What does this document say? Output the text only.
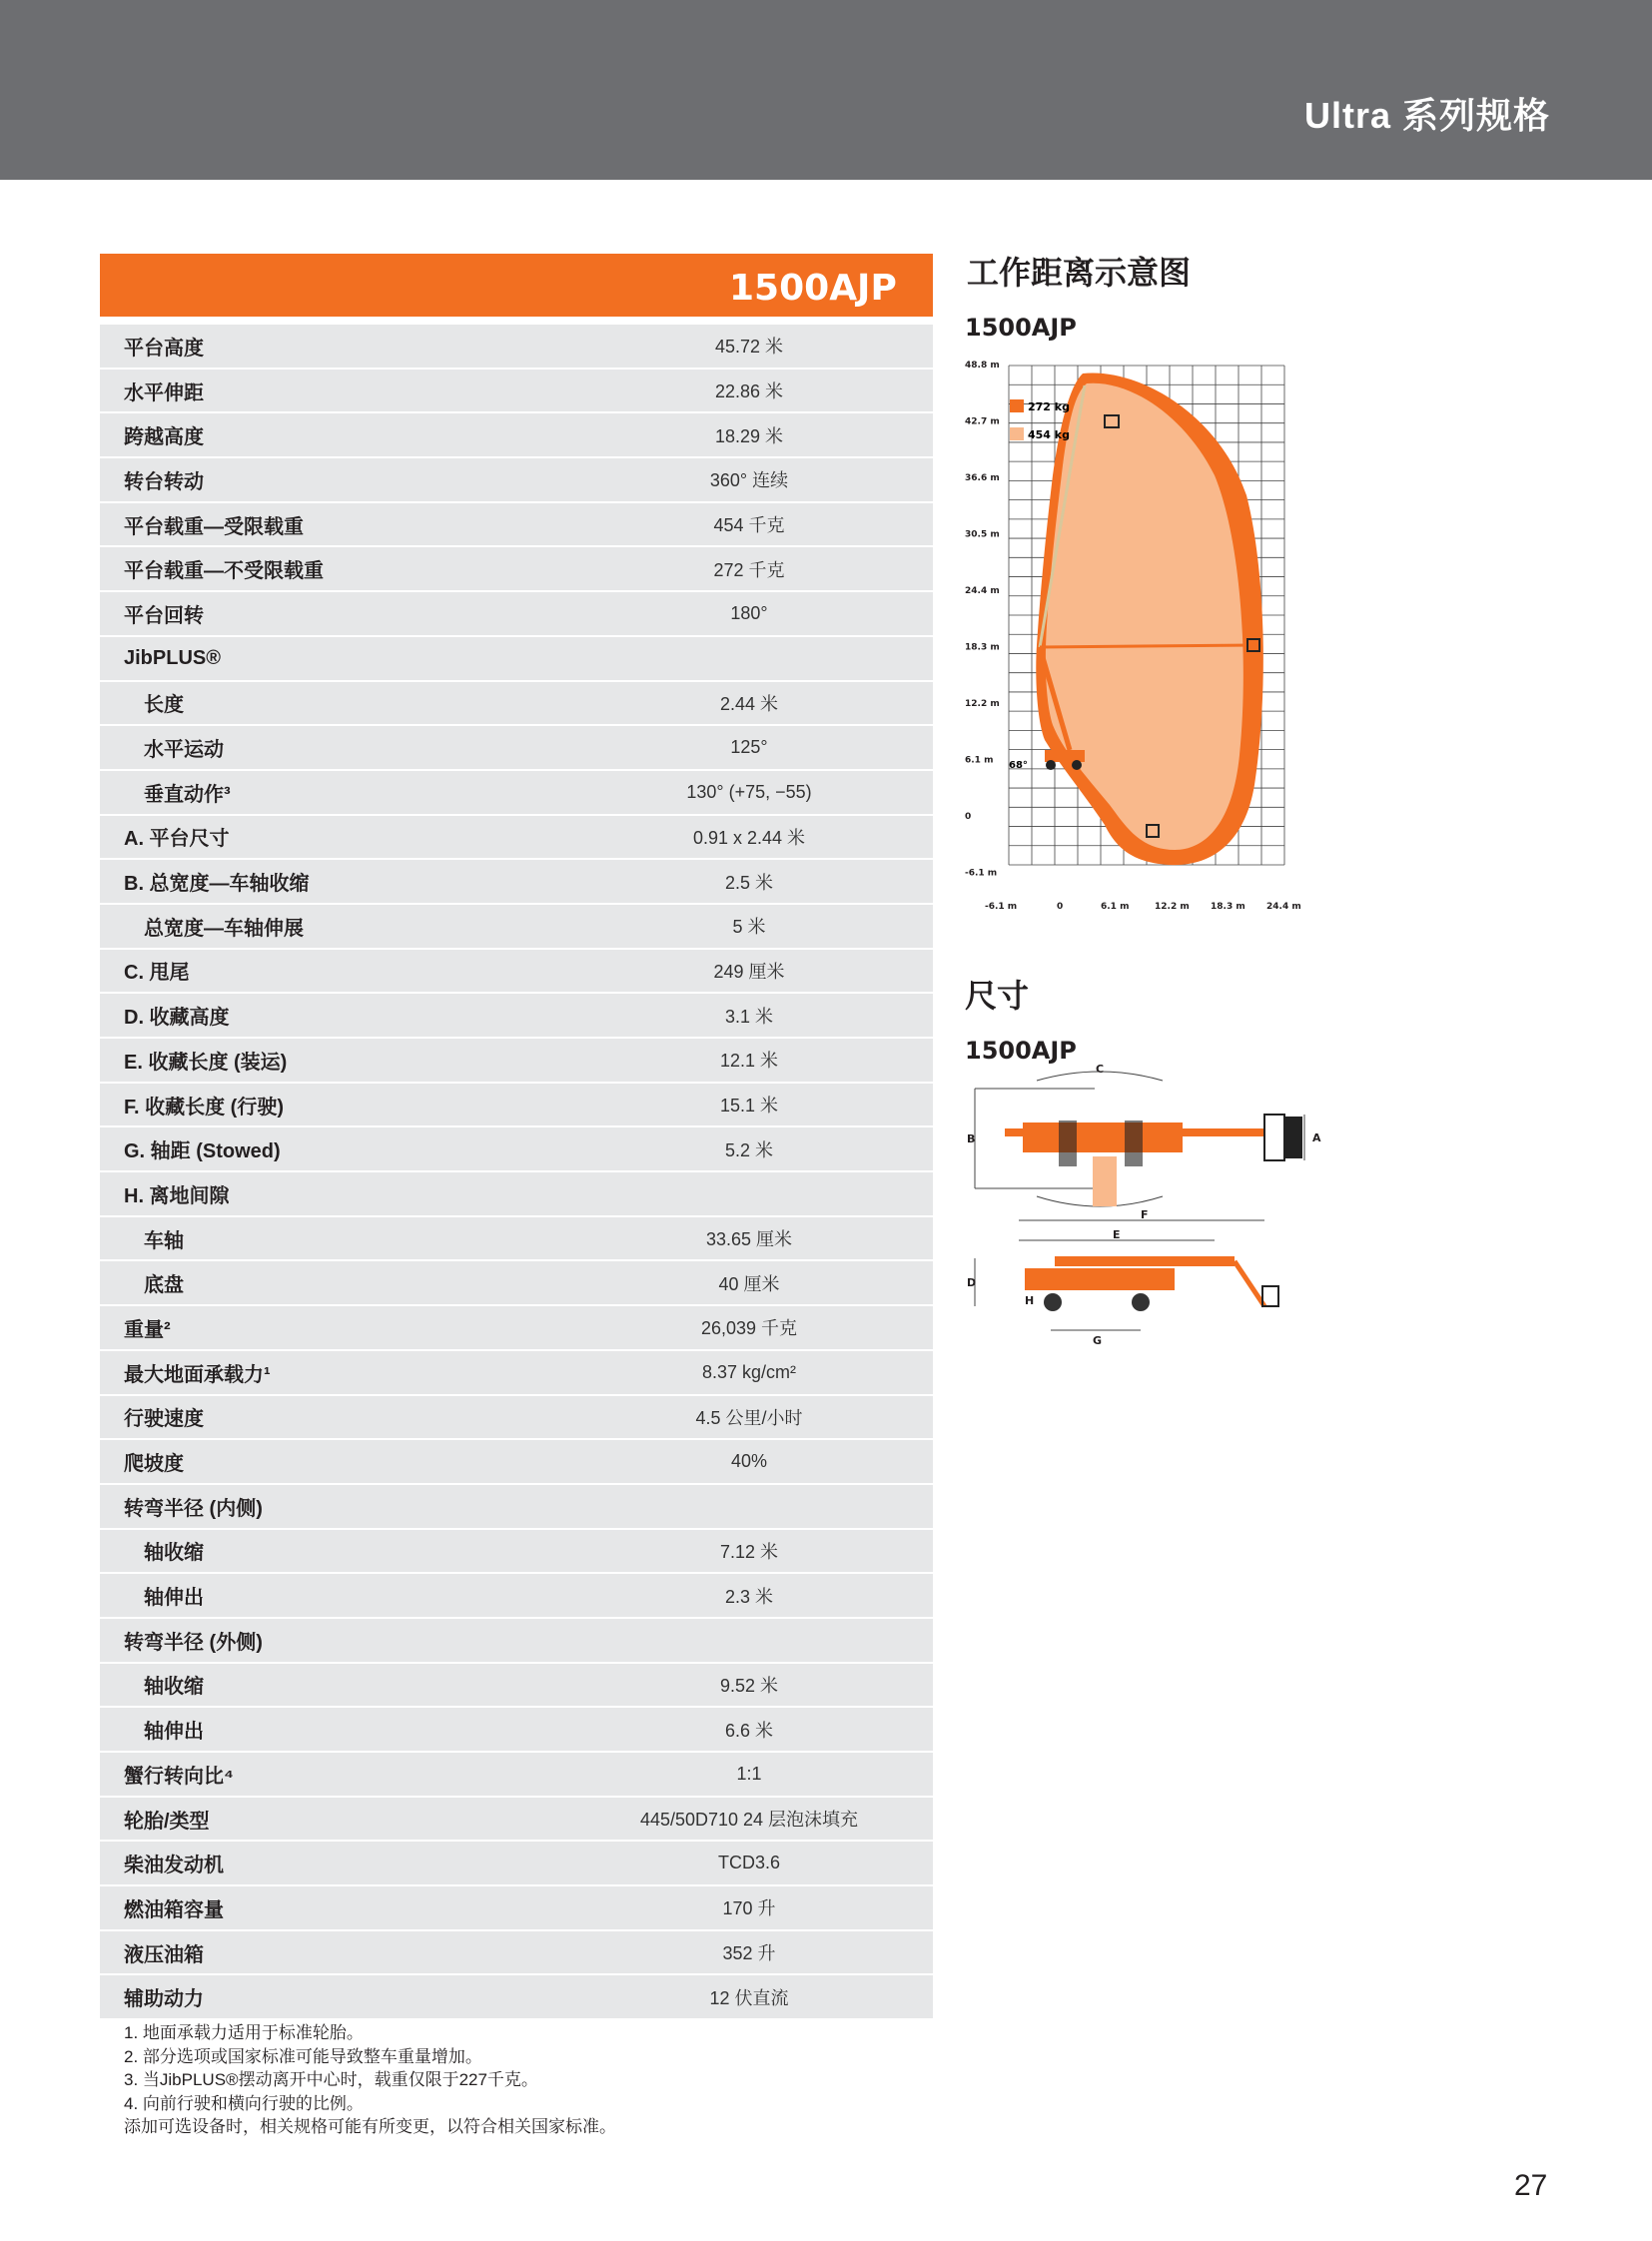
Ultra 系列规格
1500AJP
平台高度	45.72 米
水平伸距	22.86 米
跨越高度	18.29 米
转台转动	360° 连续
平台载重—受限载重	454 千克
平台载重—不受限载重	272 千克
平台回转	180°
JibPLUS®
长度	2.44 米
水平运动	125°
垂直动作³	130° (+75, −55)
A. 平台尺寸	0.91 x 2.44 米
B. 总宽度—车轴收缩	2.5 米
总宽度—车轴伸展	5 米
C. 甩尾	249 厘米
D. 收藏高度	3.1 米
E. 收藏长度 (装运)	12.1 米
F. 收藏长度 (行驶)	15.1 米
G. 轴距 (Stowed)	5.2 米
H. 离地间隙
车轴	33.65 厘米
底盘	40 厘米
重量²	26,039 千克
最大地面承载力¹	8.37 kg/cm²
行驶速度	4.5 公里/小时
爬坡度	40%
转弯半径 (内侧)
轴收缩	7.12 米
轴伸出	2.3 米
转弯半径 (外侧)
轴收缩	9.52 米
轴伸出	6.6 米
蟹行转向比⁴	1:1
轮胎/类型	445/50D710 24 层泡沫填充
柴油发动机	TCD3.6
燃油箱容量	170 升
液压油箱	352 升
辅助动力	12 伏直流
1. 地面承载力适用于标准轮胎。
2. 部分选项或国家标准可能导致整车重量增加。
3. 当JibPLUS®摆动离开中心时，载重仅限于227千克。
4. 向前行驶和横向行驶的比例。
添加可选设备时，相关规格可能有所变更，以符合相关国家标准。
工作距离示意图
1500AJP
272 kg
454 kg
68°
48.8 m
42.7 m
36.6 m
30.5 m
24.4 m
18.3 m
12.2 m
6.1 m
0
-6.1 m
-6.1 m	0	6.1 m	12.2 m 18.3 m 24.4 m
尺寸
1500AJP
A
B
C
D
E
F
G
H
27
